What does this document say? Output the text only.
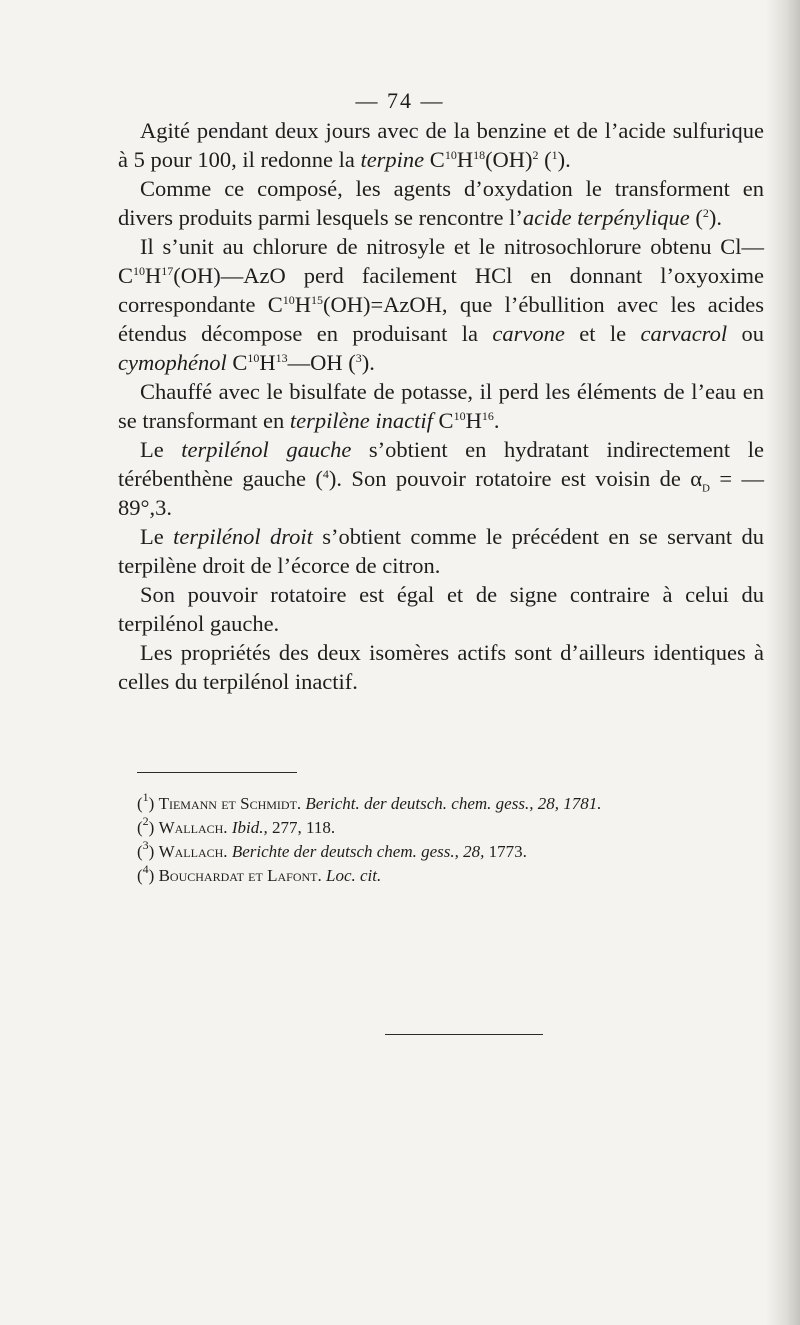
— 74 —

Agité pendant deux jours avec de la benzine et de l’acide sulfurique à 5 pour 100, il redonne la terpine $C^{10}H^{18}(OH)^2$ ($^1$).

Comme ce composé, les agents d’oxydation le transforment en divers produits parmi lesquels se rencontre l’acide terpénylique ($^2$).

Il s’unit au chlorure de nitrosyle et le nitrosochlorure obtenu $Cl—C^{10}H^{17}(OH)—AzO$ perd facilement HCl en donnant l’oxyoxime correspondante $C^{10}H^{15}(OH)=AzOH$, que l’ébullition avec les acides étendus décompose en produisant la carvone et le carvacrol ou cymophénol $C^{10}H^{13}—OH$ ($^3$).

Chauffé avec le bisulfate de potasse, il perd les éléments de l’eau en se transformant en terpilène inactif $C^{10}H^{16}$.

Le terpilénol gauche s’obtient en hydratant indirectement le térébenthène gauche ($^4$). Son pouvoir rotatoire est voisin de $\alpha_D$ = — 89°,3.

Le terpilénol droit s’obtient comme le précédent en se servant du terpilène droit de l’écorce de citron.

Son pouvoir rotatoire est égal et de signe contraire à celui du terpilénol gauche.

Les propriétés des deux isomères actifs sont d’ailleurs identiques à celles du terpilénol inactif.

($^1$) Tiemann et Schmidt. Bericht. der deutsch. chem. gess., 28, 1781.

($^2$) Wallach. Ibid., 277, 118.

($^3$) Wallach. Berichte der deutsch chem. gess., 28, 1773.

($^4$) Bouchardat et Lafont. Loc. cit.
